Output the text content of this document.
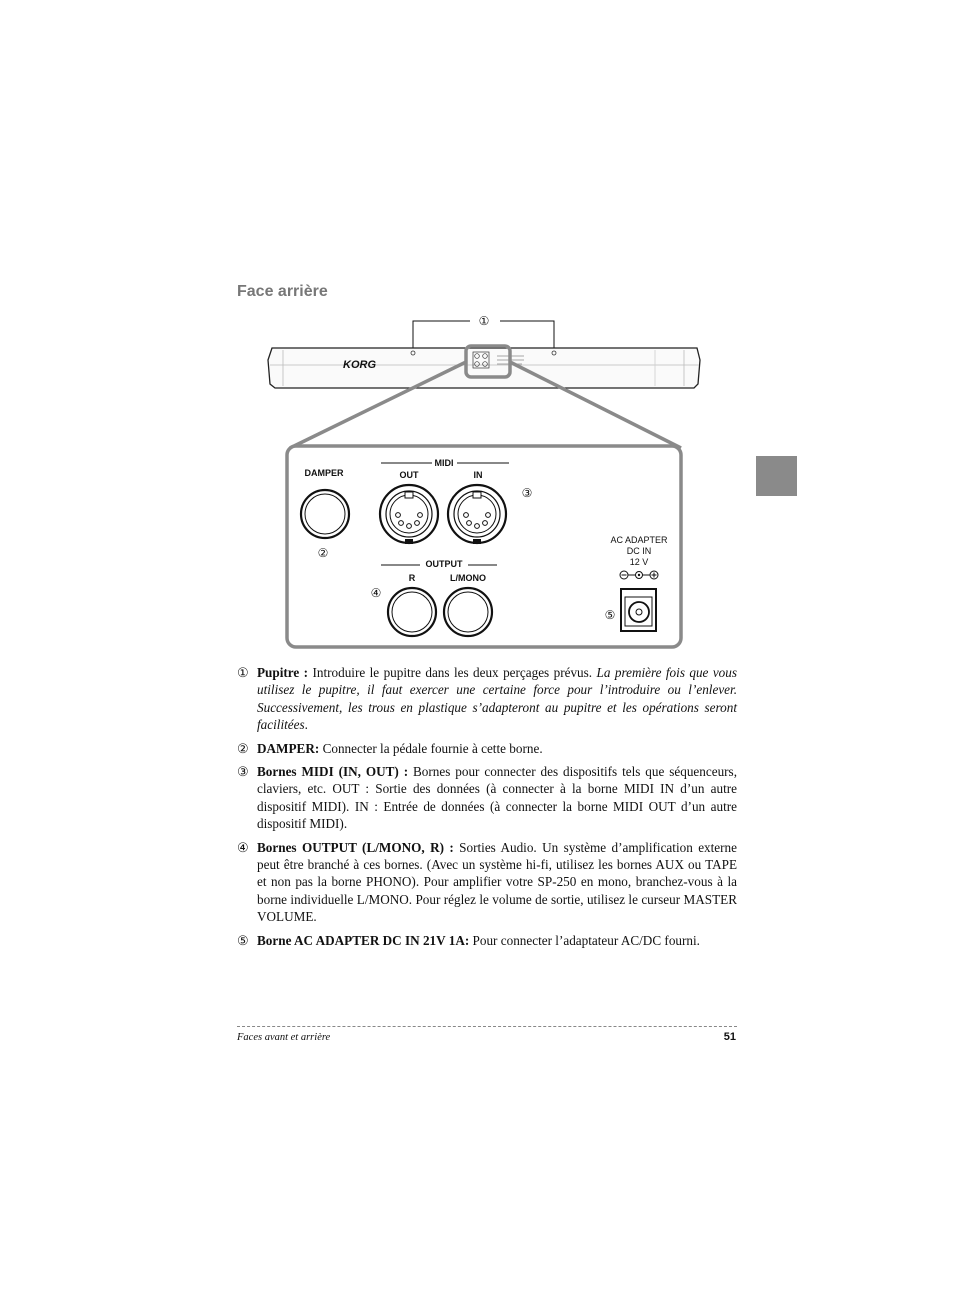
Face arrière
①
KORG
DAMPER
②
MIDI
OUT	IN
③
OUTPUT
R	L/MONO
④
AC ADAPTER
DC IN
12 V
⑤
① Pupitre : Introduire le pupitre dans les deux perçages prévus. La première fois que vous utilisez le pupitre, il faut exercer une certaine force pour l’introduire ou l’enlever. Successivement, les trous en plastique s’adapteront au pupitre et les opérations seront facilitées.
② DAMPER: Connecter la pédale fournie à cette borne.
③ Bornes MIDI (IN, OUT) : Bornes pour connecter des dispositifs tels que séquenceurs, claviers, etc. OUT : Sortie des données (à connecter à la borne MIDI IN d’un autre dispositif MIDI). IN : Entrée de données (à connecter la borne MIDI OUT d’un autre dispositif MIDI).
④ Bornes OUTPUT (L/MONO, R) : Sorties Audio. Un système d’amplification externe peut être branché à ces bornes. (Avec un système hi-fi, utilisez les bornes AUX ou TAPE et non pas la borne PHONO). Pour amplifier votre SP-250 en mono, branchez-vous à la borne individuelle L/MONO. Pour réglez le volume de sortie, utilisez le curseur MASTER VOLUME.
⑤ Borne AC ADAPTER DC IN 21V 1A: Pour connecter l’adaptateur AC/DC fourni.
Faces avant et arrière	51
